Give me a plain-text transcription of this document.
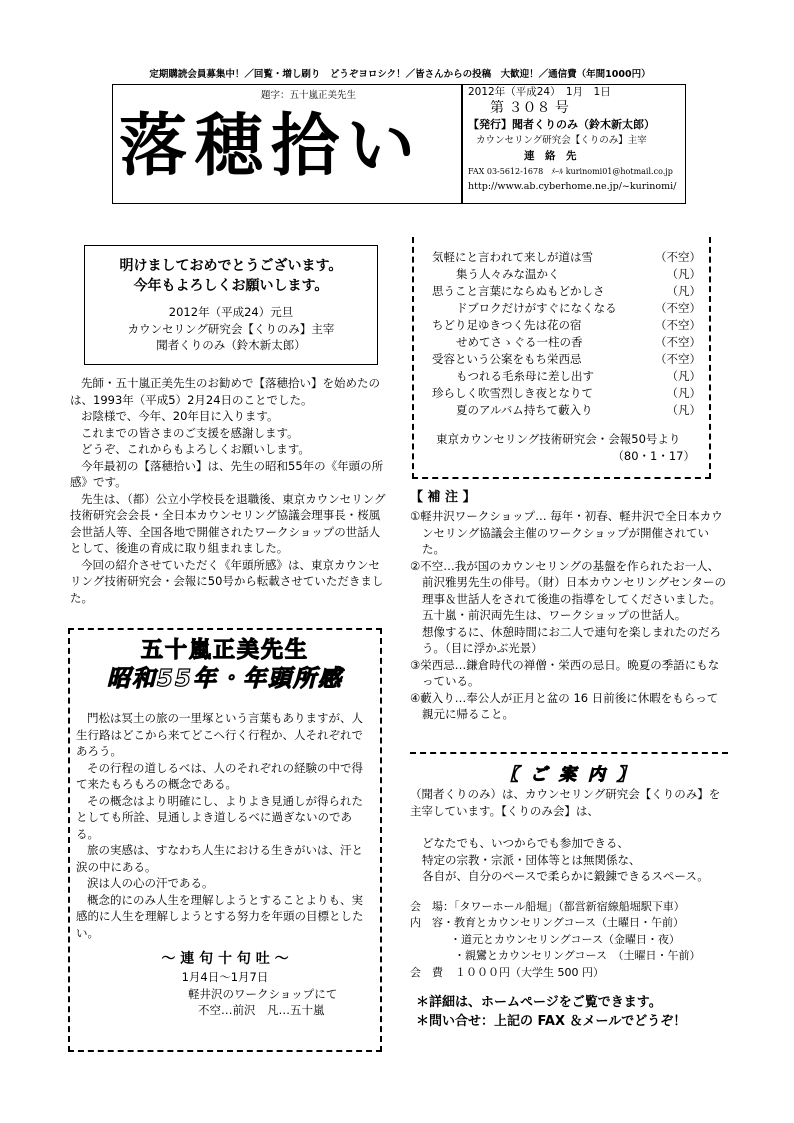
定期購読会員募集中！／回覧・増し刷り　どうぞヨロシク！／皆さんからの投稿　大歓迎！／通信費（年間1000円）
題字：五十嵐正美先生
落穂拾い
2012年（平成24）　1月　1日
第 ３０８ 号
【発行】聞者くりのみ（鈴木新太郎）
カウンセリング研究会【くりのみ】主宰
連　絡　先
FAX 03-5612-1678　ﾒｰﾙ kurinomi01@hotmail.co.jp
http://www.ab.cyberhome.ne.jp/~kurinomi/
明けましておめでとうございます。
今年もよろしくお願いします。
2012年（平成24）元旦
カウンセリング研究会【くりのみ】主宰
聞者くりのみ（鈴木新太郎）
先師・五十嵐正美先生のお勧めで【落穂拾い】を始めたのは、1993年（平成5）2月24日のことでした。
お陰様で、今年、20年目に入ります。
これまでの皆さまのご支援を感謝します。
どうぞ、これからもよろしくお願いします。
今年最初の【落穂拾い】は、先生の昭和55年の《年頭の所感》です。
先生は、（都）公立小学校長を退職後、東京カウンセリング技術研究会会長・全日本カウンセリング協議会理事長・桜風会世話人等、全国各地で開催されたワークショップの世話人として、後進の育成に取り組まれました。
今回の紹介させていただく《年頭所感》は、東京カウンセリング技術研究会・会報に50号から転載させていただきました。
五十嵐正美先生
昭和55年・年頭所感
門松は冥土の旅の一里塚という言葉もありますが、人生行路はどこから来てどこへ行く行程か、人それぞれであろう。
その行程の道しるべは、人のそれぞれの経験の中で得て来たもろもろの概念である。
その概念はより明確にし、よりよき見通しが得られたとしても所詮、見通しよき道しるべに過ぎないのである。
旅の実感は、すなわち人生における生きがいは、汗と涙の中にある。
涙は人の心の汗である。
概念的にのみ人生を理解しようとすることよりも、実感的に人生を理解しようとする努力を年頭の目標としたい。
～ 連 句 十 句 吐 ～
1月4日～1月7日
軽井沢のワークショップにて
不空…前沢　凡…五十嵐
気軽にと言われて来しが道は雪	（不空）
集う人々みな温かく	（凡）
思うこと言葉にならぬもどかしさ	（凡）
ドブロクだけがすぐになくなる	（不空）
ちどり足ゆきつく先は花の宿	（不空）
せめてさゝぐる一柱の香	（不空）
受容という公案をもち栄西忌	（不空）
もつれる毛糸母に差し出す	（凡）
珍らしく吹雪烈しき夜となりて	（凡）
夏のアルバム持ちて藪入り	（凡）
東京カウンセリング技術研究会・会報50号より
（80・1・17）
【 補 注 】
①軽井沢ワークショップ… 毎年・初春、軽井沢で全日本カウンセリング協議会主催のワークショップが開催されていた。
②不空…我が国のカウンセリングの基盤を作られたお一人、前沢雅男先生の俳号。（財）日本カウンセリングセンターの理事＆世話人をされて後進の指導をしてくださいました。
五十嵐・前沢両先生は、ワークショップの世話人。
想像するに、休憩時間にお二人で連句を楽しまれたのだろう。（目に浮かぶ光景）
③栄西忌…鎌倉時代の禅僧・栄西の忌日。晩夏の季語にもなっている。
④藪入り…奉公人が正月と盆の 16 日前後に休暇をもらって親元に帰ること。
【 ご 案 内 】
（聞者くりのみ）は、カウンセリング研究会【くりのみ】を主宰しています。【くりのみ会】は、
どなたでも、いつからでも参加できる、
特定の宗教・宗派・団体等とは無関係な、
各自が、自分のペースで柔らかに鍛錬できるスペース。
会　場：「タワーホール船堀」（都営新宿線船堀駅下車）
内　容・教育とカウンセリングコース（土曜日・午前）
・道元とカウンセリングコース（金曜日・夜）
・親鸞とカウンセリングコース　（土曜日・午前）
会　費 １０００円（大学生 500 円）
＊詳細は、ホームページをご覧できます。
＊問い合せ：上記の FAX ＆メールでどうぞ！
